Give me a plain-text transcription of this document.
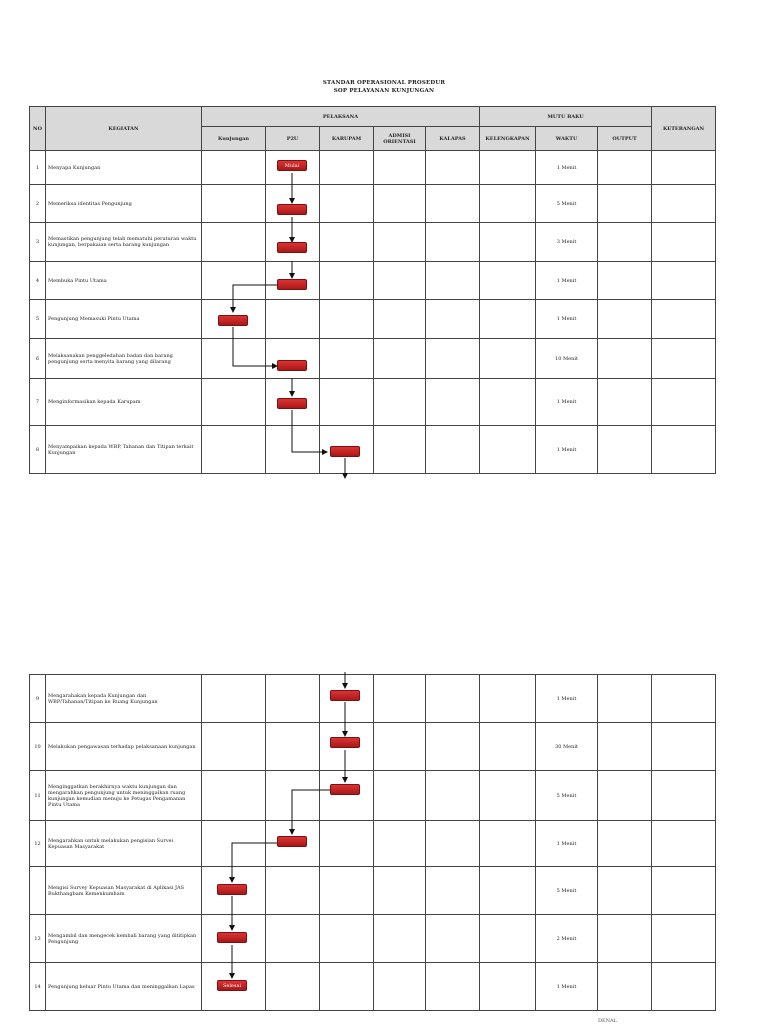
STANDAR OPERASIONAL PROSEDUR
SOP PELAYANAN KUNJUNGAN
NO	KEGIATAN	PELAKSANA					MUTU BAKU			KETERANGAN
		Kunjungan	P2U	KARUPAM	ADMISI ORIENTASI	KALAPAS	KELENGKAPAN	WAKTU	OUTPUT	
1	Menyapa Kunjungan							1 Menit		
2	Memeriksa identitas Pengunjung							5 Menit		
3	Memastikan pengunjung telah mematuhi peraturan waktu kunjungan, berpakaian serta barang kunjungan							3 Menit		
4	Membuka Pintu Utama							1 Menit		
5	Pengunjung Memasuki Pintu Utama							1 Menit		
6	Melaksanakan penggeledahan badan dan barang pengunjung serta menyita barang yang dilarang							10 Menit		
7	Menginformasikan kepada Karupam							1 Menit		
8	Menyampaikan kepada WBP, Tahanan dan Titipan terkait Kunjungan							1 Menit		
9	Mengarahakan kepada Kunjungan dan WBP/Tahanan/Titipan ke Ruang Kunjungan							1 Menit		
10	Melakukan pengawasan terhadap pelaksanaan kunjungan							30 Menit		
11	Menginggatkan berakhirnya waktu kunjungan dan mengarahkan pengunjung untuk meninggalkan ruang kunjungan kemudian menuju ke Petugas Pengamanan Pintu Utama							5 Menit		
12	Mengarahkan untuk melakukan pengisian Survei Kepuasan Masyarakat							1 Menit		
	Mengisi Survey Kepuasan Masyarakat di Aplikasi JAS Bukthangbam Kemenkumham							5 Menit		
13	Mengambil dan mengecek kembali barang yang dititipkan Pengunjung							2 Menit		
14	Pengunjung keluar Pintu Utama dan meninggalkan Lapas							1 Menit		
Mulai
Selesai
DENAL
